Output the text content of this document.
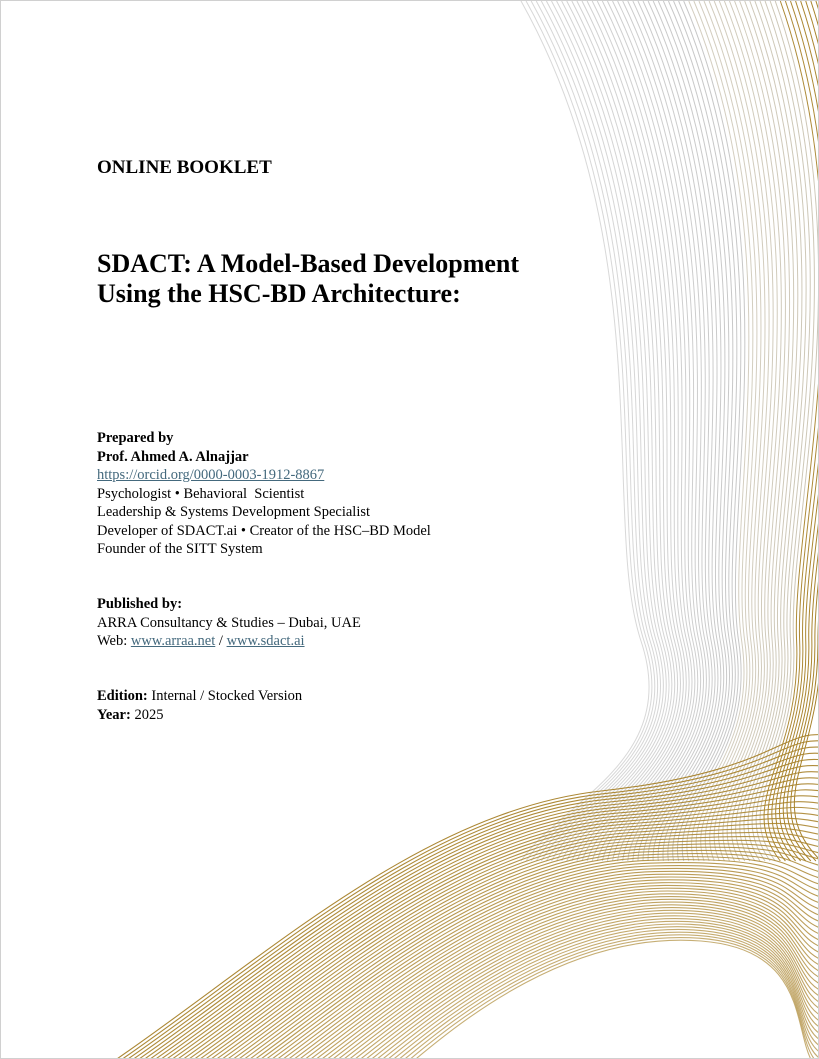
ONLINE BOOKLET
SDACT: A Model-Based Development
Using the HSC-BD Architecture:
Prepared by
Prof. Ahmed A. Alnajjar
https://orcid.org/0000-0003-1912-8867
Psychologist • Behavioral  Scientist
Leadership & Systems Development Specialist
Developer of SDACT.ai • Creator of the HSC–BD Model
Founder of the SITT System
Published by:
ARRA Consultancy & Studies – Dubai, UAE
Web: www.arraa.net / www.sdact.ai
Edition: Internal / Stocked Version
Year: 2025
